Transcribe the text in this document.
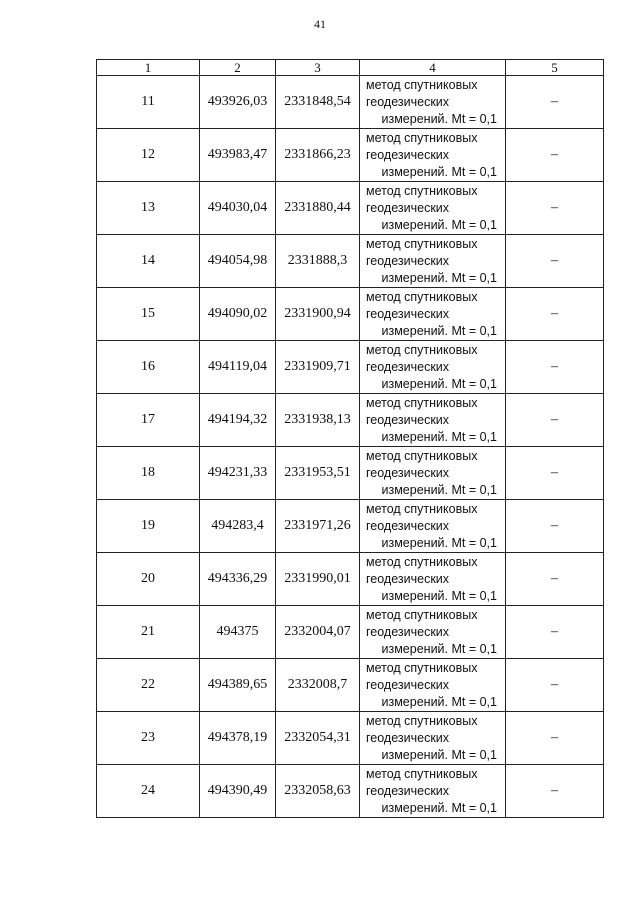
41
1	2	3	4	5
11	493926,03	2331848,54	метод спутниковых
геодезических
измерений. Mt = 0,1	–
12	493983,47	2331866,23	метод спутниковых
геодезических
измерений. Mt = 0,1	–
13	494030,04	2331880,44	метод спутниковых
геодезических
измерений. Mt = 0,1	–
14	494054,98	2331888,3	метод спутниковых
геодезических
измерений. Mt = 0,1	–
15	494090,02	2331900,94	метод спутниковых
геодезических
измерений. Mt = 0,1	–
16	494119,04	2331909,71	метод спутниковых
геодезических
измерений. Mt = 0,1	–
17	494194,32	2331938,13	метод спутниковых
геодезических
измерений. Mt = 0,1	–
18	494231,33	2331953,51	метод спутниковых
геодезических
измерений. Mt = 0,1	–
19	494283,4	2331971,26	метод спутниковых
геодезических
измерений. Mt = 0,1	–
20	494336,29	2331990,01	метод спутниковых
геодезических
измерений. Mt = 0,1	–
21	494375	2332004,07	метод спутниковых
геодезических
измерений. Mt = 0,1	–
22	494389,65	2332008,7	метод спутниковых
геодезических
измерений. Mt = 0,1	–
23	494378,19	2332054,31	метод спутниковых
геодезических
измерений. Mt = 0,1	–
24	494390,49	2332058,63	метод спутниковых
геодезических
измерений. Mt = 0,1	–
